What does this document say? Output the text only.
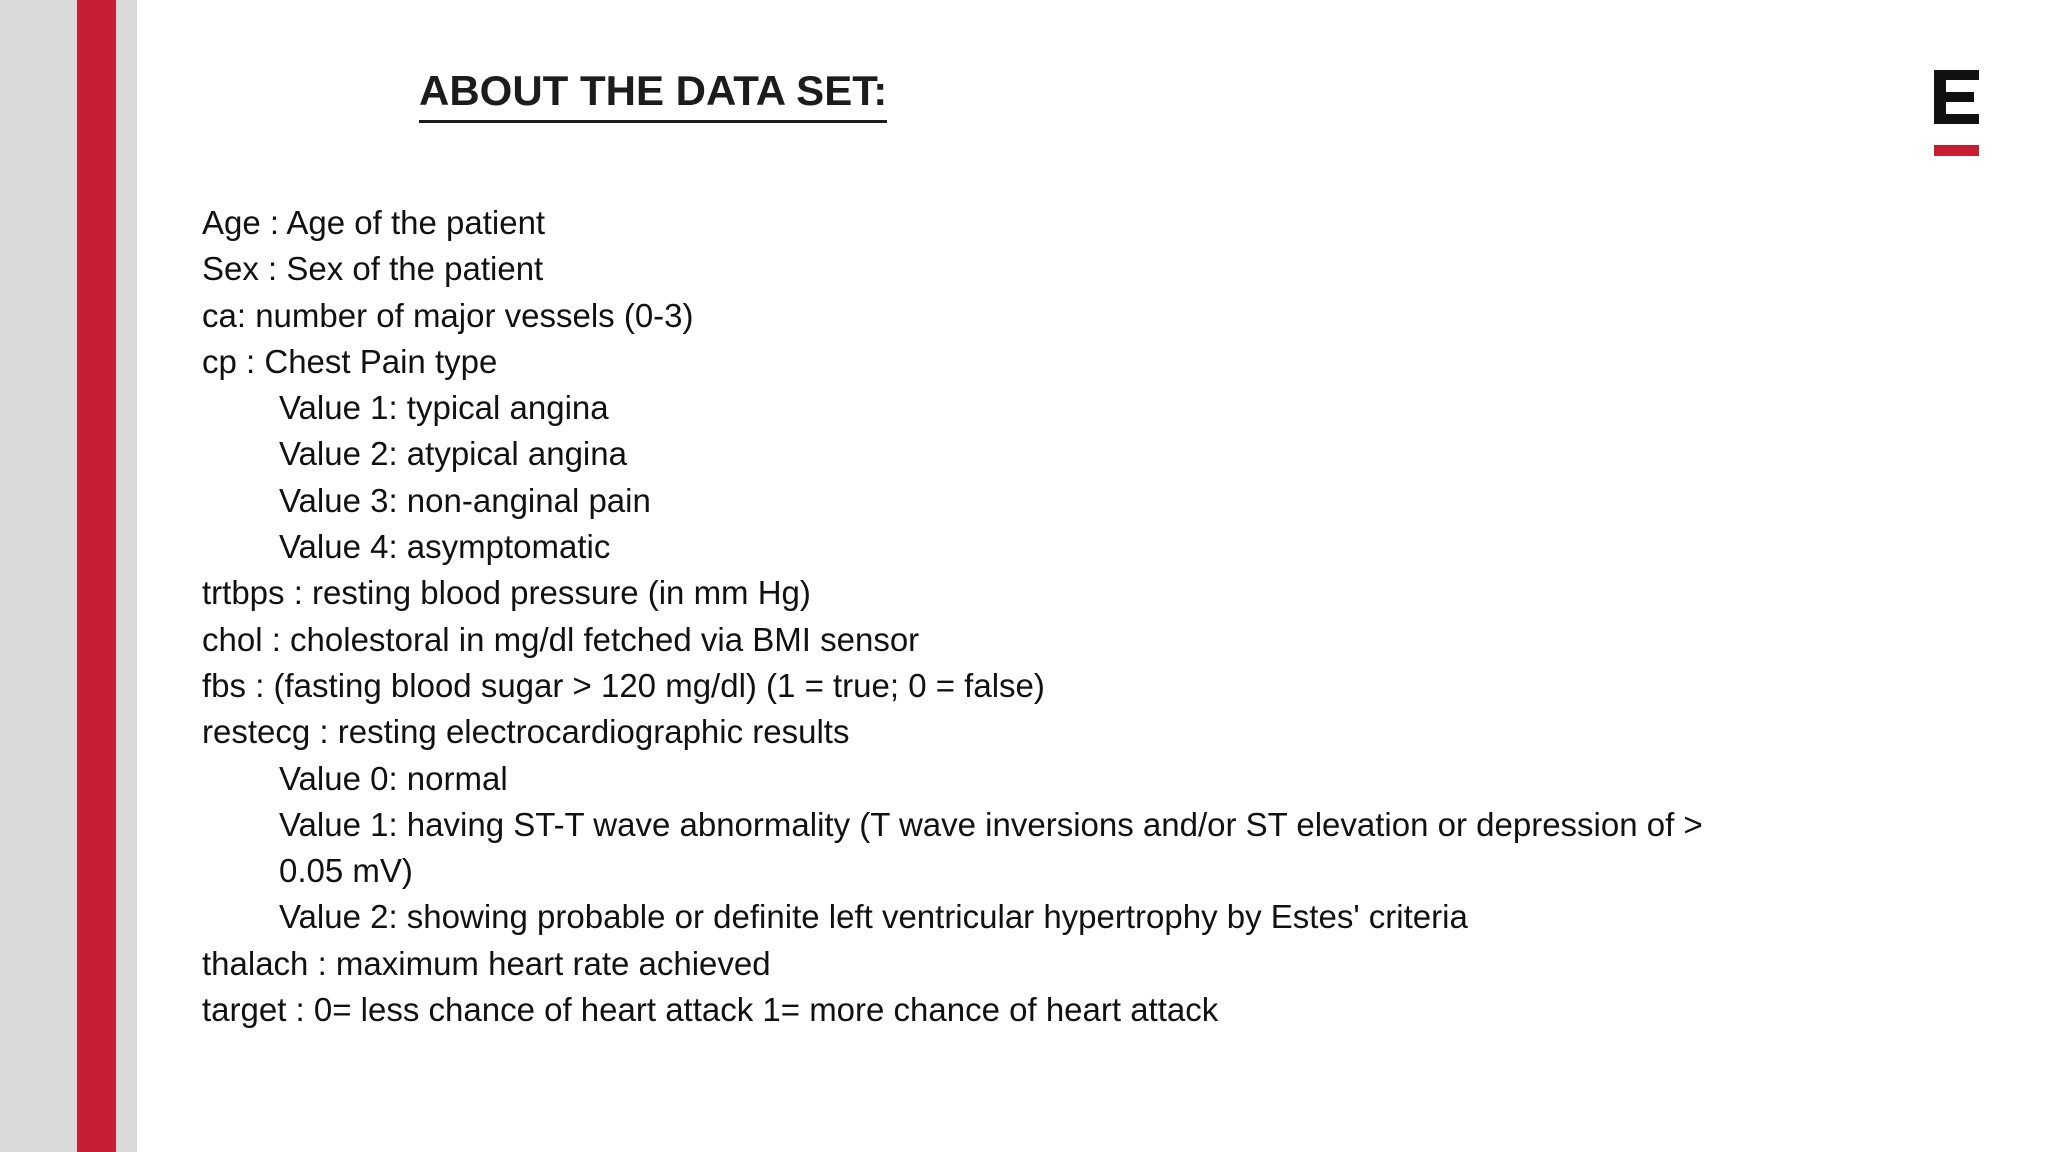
ABOUT THE DATA SET:
Age : Age of the patient
Sex : Sex of the patient
ca: number of major vessels (0-3)
cp : Chest Pain type
Value 1: typical angina
Value 2: atypical angina
Value 3: non-anginal pain
Value 4: asymptomatic
trtbps : resting blood pressure (in mm Hg)
chol : cholestoral in mg/dl fetched via BMI sensor
fbs : (fasting blood sugar > 120 mg/dl) (1 = true; 0 = false)
restecg : resting electrocardiographic results
Value 0: normal
Value 1: having ST-T wave abnormality (T wave inversions and/or ST elevation or depression of >
0.05 mV)
Value 2: showing probable or definite left ventricular hypertrophy by Estes' criteria
thalach : maximum heart rate achieved
target : 0= less chance of heart attack 1= more chance of heart attack
